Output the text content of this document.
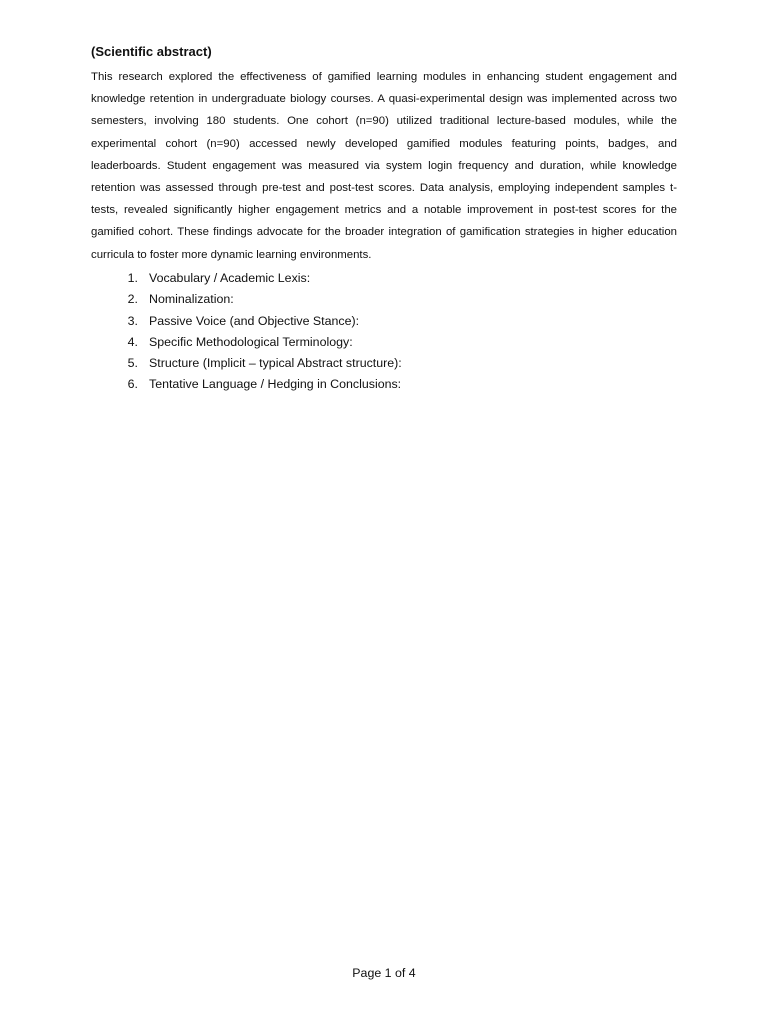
(Scientific abstract)

This research explored the effectiveness of gamified learning modules in enhancing student engagement and knowledge retention in undergraduate biology courses. A quasi-experimental design was implemented across two semesters, involving 180 students. One cohort (n=90) utilized traditional lecture-based modules, while the experimental cohort (n=90) accessed newly developed gamified modules featuring points, badges, and leaderboards. Student engagement was measured via system login frequency and duration, while knowledge retention was assessed through pre-test and post-test scores. Data analysis, employing independent samples t-tests, revealed significantly higher engagement metrics and a notable improvement in post-test scores for the gamified cohort. These findings advocate for the broader integration of gamification strategies in higher education curricula to foster more dynamic learning environments.

1. Vocabulary / Academic Lexis:
2. Nominalization:
3. Passive Voice (and Objective Stance):
4. Specific Methodological Terminology:
5. Structure (Implicit – typical Abstract structure):
6. Tentative Language / Hedging in Conclusions:
Page 1 of 4
